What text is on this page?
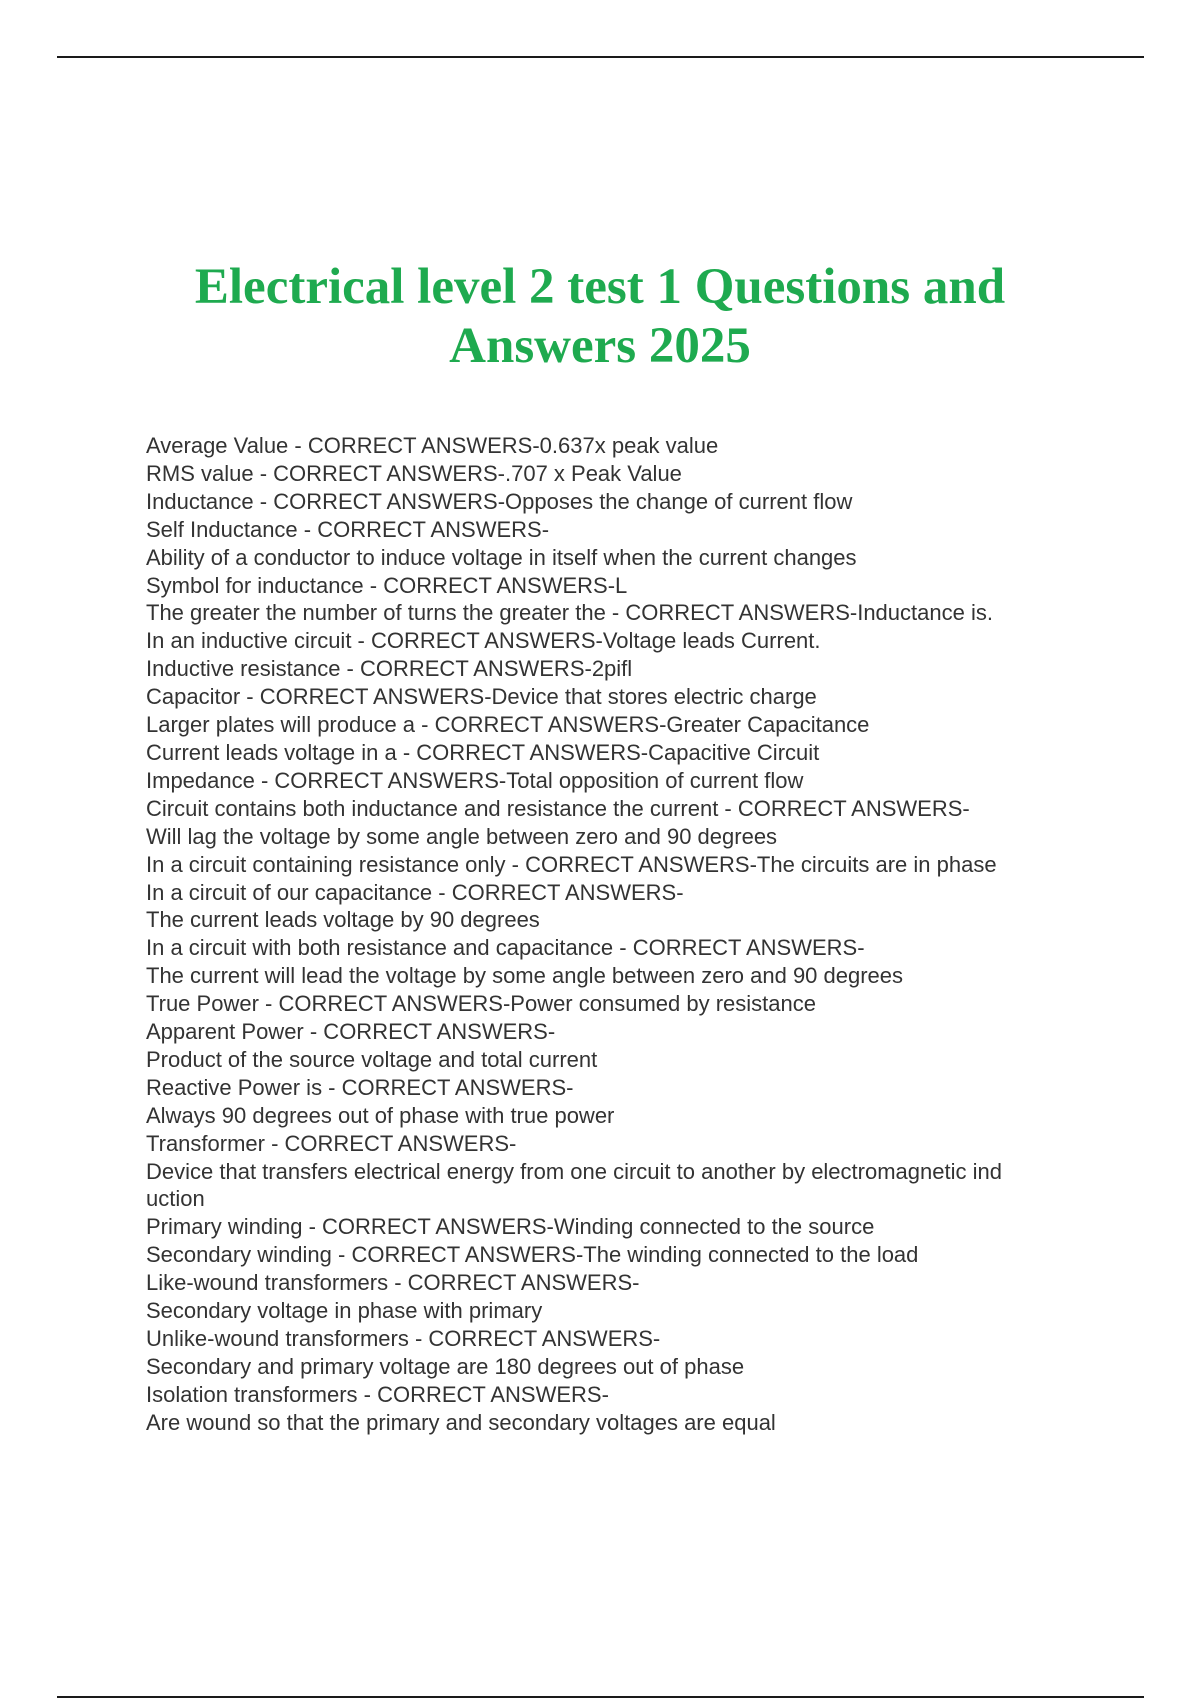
Electrical level 2 test 1 Questions and
Answers 2025
Average Value - CORRECT ANSWERS-0.637x peak value
RMS value - CORRECT ANSWERS-.707 x Peak Value
Inductance - CORRECT ANSWERS-Opposes the change of current flow
Self Inductance - CORRECT ANSWERS-
Ability of a conductor to induce voltage in itself when the current changes
Symbol for inductance - CORRECT ANSWERS-L
The greater the number of turns the greater the - CORRECT ANSWERS-Inductance is.
In an inductive circuit - CORRECT ANSWERS-Voltage leads Current.
Inductive resistance - CORRECT ANSWERS-2pifl
Capacitor - CORRECT ANSWERS-Device that stores electric charge
Larger plates will produce a - CORRECT ANSWERS-Greater Capacitance
Current leads voltage in a - CORRECT ANSWERS-Capacitive Circuit
Impedance - CORRECT ANSWERS-Total opposition of current flow
Circuit contains both inductance and resistance the current - CORRECT ANSWERS-
Will lag the voltage by some angle between zero and 90 degrees
In a circuit containing resistance only - CORRECT ANSWERS-The circuits are in phase
In a circuit of our capacitance - CORRECT ANSWERS-
The current leads voltage by 90 degrees
In a circuit with both resistance and capacitance - CORRECT ANSWERS-
The current will lead the voltage by some angle between zero and 90 degrees
True Power - CORRECT ANSWERS-Power consumed by resistance
Apparent Power - CORRECT ANSWERS-
Product of the source voltage and total current
Reactive Power is - CORRECT ANSWERS-
Always 90 degrees out of phase with true power
Transformer - CORRECT ANSWERS-
Device that transfers electrical energy from one circuit to another by electromagnetic ind
uction
Primary winding - CORRECT ANSWERS-Winding connected to the source
Secondary winding - CORRECT ANSWERS-The winding connected to the load
Like-wound transformers - CORRECT ANSWERS-
Secondary voltage in phase with primary
Unlike-wound transformers - CORRECT ANSWERS-
Secondary and primary voltage are 180 degrees out of phase
Isolation transformers - CORRECT ANSWERS-
Are wound so that the primary and secondary voltages are equal
